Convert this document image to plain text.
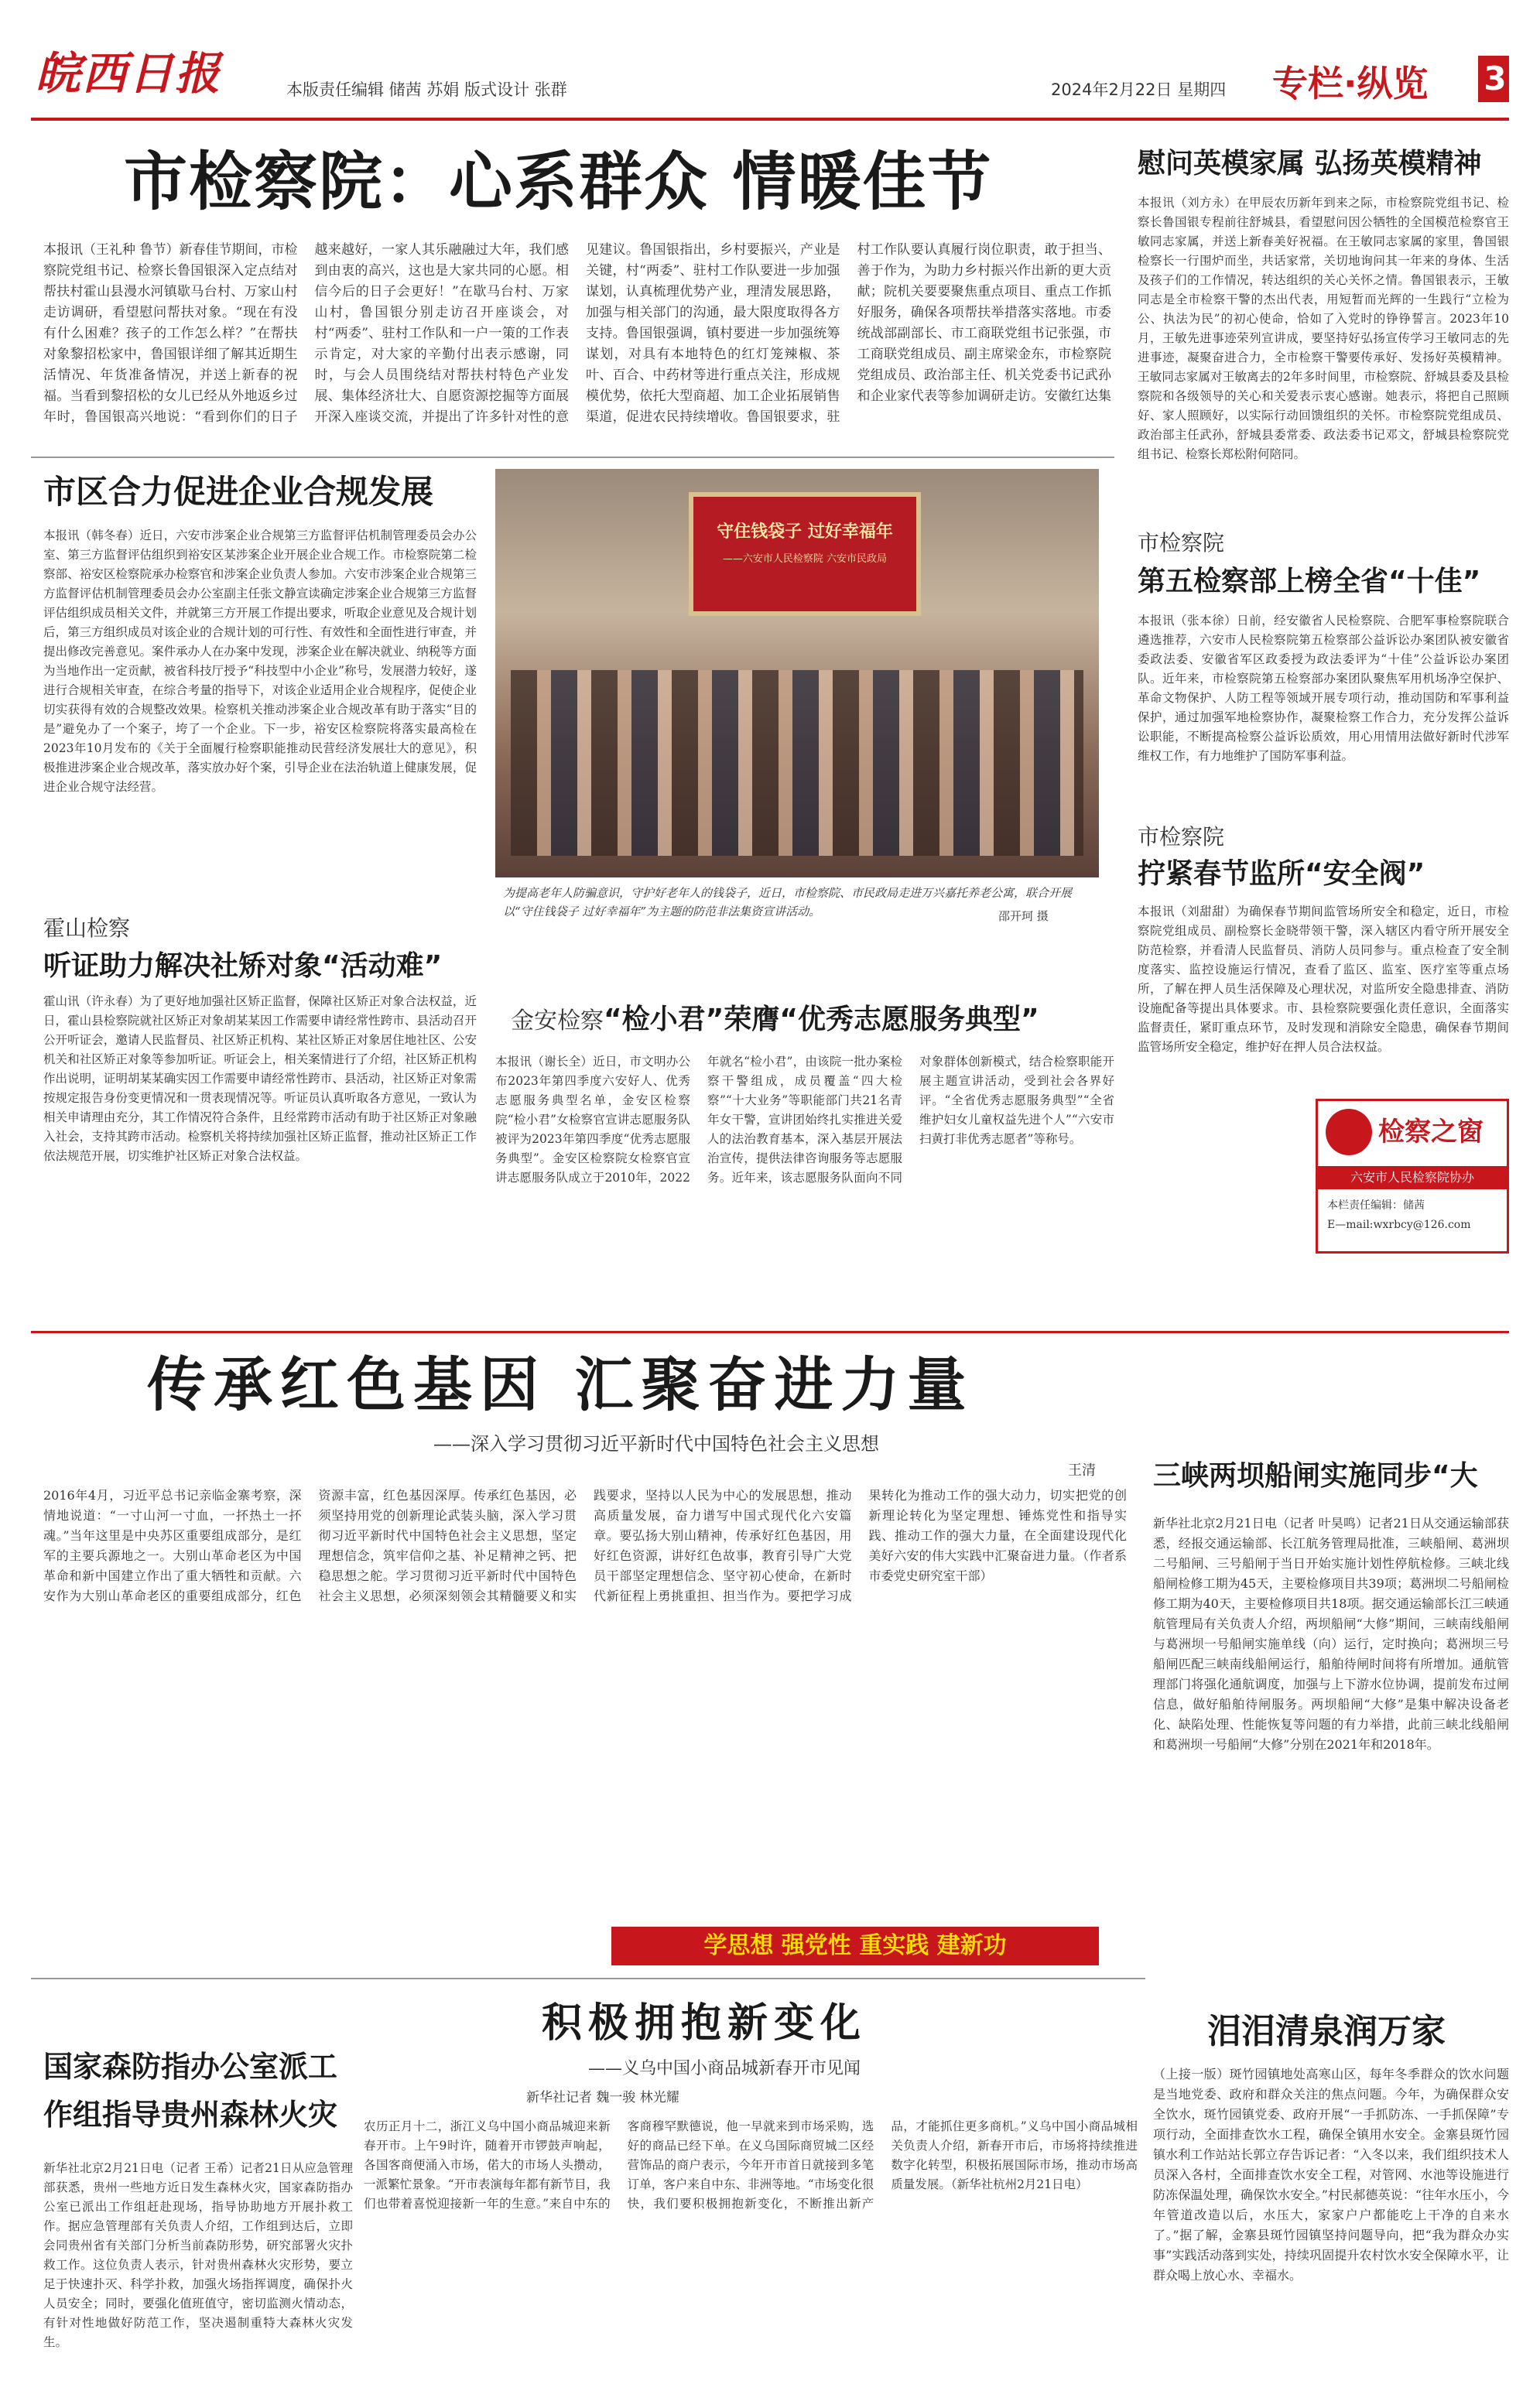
皖西日报	本版责任编辑 储茜 苏娟 版式设计 张群	2024年2月22日 星期四 专栏·纵览 3
市检察院：心系群众 情暖佳节
本报讯（王礼种 鲁节）新春佳节期间，市检察院党组书记、检察长鲁国银深入定点结对帮扶村霍山县漫水河镇歇马台村、万家山村走访调研，看望慰问帮扶对象。“现在有没有什么困难？孩子的工作怎么样？”在帮扶对象黎招松家中，鲁国银详细了解其近期生活情况、年货准备情况，并送上新春的祝福。当看到黎招松的女儿已经从外地返乡过年时，鲁国银高兴地说：“看到你们的日子越来越好，一家人其乐融融过大年，我们感到由衷的高兴，这也是大家共同的心愿。相信今后的日子会更好！”在歇马台村、万家山村，鲁国银分别走访召开座谈会，对村“两委”、驻村工作队和一户一策的工作表示肯定，对大家的辛勤付出表示感谢，同时，与会人员围绕结对帮扶村特色产业发展、集体经济壮大、自愿资源挖掘等方面展开深入座谈交流，并提出了许多针对性的意见建议。鲁国银指出，乡村要振兴，产业是关键，村“两委”、驻村工作队要进一步加强谋划，认真梳理优势产业，理清发展思路，加强与相关部门的沟通，最大限度取得各方支持。鲁国银强调，镇村要进一步加强统筹谋划，对具有本地特色的红灯笼辣椒、茶叶、百合、中药材等进行重点关注，形成规模优势，依托大型商超、加工企业拓展销售渠道，促进农民持续增收。鲁国银要求，驻村工作队要认真履行岗位职责，敢于担当、善于作为，为助力乡村振兴作出新的更大贡献；院机关要要聚焦重点项目、重点工作抓好服务，确保各项帮扶举措落实落地。市委统战部副部长、市工商联党组书记张强，市工商联党组成员、副主席梁金东，市检察院党组成员、政治部主任、机关党委书记武孙和企业家代表等参加调研走访。安徽红达集
慰问英模家属 弘扬英模精神
本报讯（刘方永）在甲辰农历新年到来之际，市检察院党组书记、检察长鲁国银专程前往舒城县，看望慰问因公牺牲的全国模范检察官王敏同志家属，并送上新春美好祝福。在王敏同志家属的家里，鲁国银检察长一行围炉而坐，共话家常，关切地询问其一年来的身体、生活及孩子们的工作情况，转达组织的关心关怀之情。鲁国银表示，王敏同志是全市检察干警的杰出代表，用短暂而光辉的一生践行“立检为公、执法为民”的初心使命，恰如了入党时的铮铮誓言。2023年10月，王敏先进事迹荣列宣讲成，要坚持好弘扬宣传学习王敏同志的先进事迹，凝聚奋进合力，全市检察干警要传承好、发扬好英模精神。王敏同志家属对王敏离去的2年多时间里，市检察院、舒城县委及县检察院和各级领导的关心和关爱表示衷心感谢。她表示，将把自己照顾好、家人照顾好，以实际行动回馈组织的关怀。市检察院党组成员、政治部主任武孙，舒城县委常委、政法委书记邓文，舒城县检察院党组书记、检察长郑松附何陪同。
市区合力促进企业合规发展
本报讯（韩冬春）近日，六安市涉案企业合规第三方监督评估机制管理委员会办公室、第三方监督评估组织到裕安区某涉案企业开展企业合规工作。市检察院第二检察部、裕安区检察院承办检察官和涉案企业负责人参加。六安市涉案企业合规第三方监督评估机制管理委员会办公室副主任张文静宣读确定涉案企业合规第三方监督评估组织成员相关文件，并就第三方开展工作提出要求，听取企业意见及合规计划后，第三方组织成员对该企业的合规计划的可行性、有效性和全面性进行审查，并提出修改完善意见。案件承办人在办案中发现，涉案企业在解决就业、纳税等方面为当地作出一定贡献，被省科技厅授予“科技型中小企业”称号，发展潜力较好，遂进行合规相关审查，在综合考量的指导下，对该企业适用企业合规程序，促使企业切实获得有效的合规整改效果。检察机关推动涉案企业合规改革有助于落实“目的是”避免办了一个案子，垮了一个企业。下一步，裕安区检察院将落实最高检在2023年10月发布的《关于全面履行检察职能推动民营经济发展壮大的意见》，积极推进涉案企业合规改革，落实放办好个案，引导企业在法治轨道上健康发展，促进企业合规守法经营。
守住钱袋子 过好幸福年
——六安市人民检察院 六安市民政局
为提高老年人防骗意识，守护好老年人的钱袋子，近日，市检察院、市民政局走进万兴嘉托养老公寓，联合开展以“守住钱袋子 过好幸福年”为主题的防范非法集资宣讲活动。	邵开珂 摄
霍山检察
听证助力解决社矫对象“活动难”
霍山讯（许永春）为了更好地加强社区矫正监督，保障社区矫正对象合法权益，近日，霍山县检察院就社区矫正对象胡某某因工作需要申请经常性跨市、县活动召开公开听证会，邀请人民监督员、社区矫正机构、某社区矫正对象居住地社区、公安机关和社区矫正对象等参加听证。听证会上，相关案情进行了介绍，社区矫正机构作出说明，证明胡某某确实因工作需要申请经常性跨市、县活动，社区矫正对象需按规定报告身份变更情况和一贯表现情况等。听证员认真听取各方意见，一致认为相关申请理由充分，其工作情况符合条件，且经常跨市活动有助于社区矫正对象融入社会，支持其跨市活动。检察机关将持续加强社区矫正监督，推动社区矫正工作依法规范开展，切实维护社区矫正对象合法权益。
市检察院
第五检察部上榜全省“十佳”
本报讯（张本徐）日前，经安徽省人民检察院、合肥军事检察院联合遴选推荐，六安市人民检察院第五检察部公益诉讼办案团队被安徽省委政法委、安徽省军区政委授为政法委评为“十佳”公益诉讼办案团队。近年来，市检察院第五检察部办案团队聚焦军用机场净空保护、革命文物保护、人防工程等领域开展专项行动，推动国防和军事利益保护，通过加强军地检察协作，凝聚检察工作合力，充分发挥公益诉讼职能，不断提高检察公益诉讼质效，用心用情用法做好新时代涉军维权工作，有力地维护了国防军事利益。
市检察院
拧紧春节监所“安全阀”
本报讯（刘甜甜）为确保春节期间监管场所安全和稳定，近日，市检察院党组成员、副检察长金晓带领干警，深入辖区内看守所开展安全防范检察，并看清人民监督员、消防人员同参与。重点检查了安全制度落实、监控设施运行情况，查看了监区、监室、医疗室等重点场所，了解在押人员生活保障及心理状况，对监所安全隐患排查、消防设施配备等提出具体要求。市、县检察院要强化责任意识，全面落实监督责任，紧盯重点环节，及时发现和消除安全隐患，确保春节期间监管场所安全稳定，维护好在押人员合法权益。
检察之窗
六安市人民检察院协办
本栏责任编辑：储茜
E—mail:wxrbcy@126.com
金安检察“检小君”荣膺“优秀志愿服务典型”
本报讯（谢长全）近日，市文明办公布2023年第四季度六安好人、优秀志愿服务典型名单，金安区检察院“检小君”女检察官宣讲志愿服务队被评为2023年第四季度“优秀志愿服务典型”。金安区检察院女检察官宣讲志愿服务队成立于2010年，2022年就名“检小君”，由该院一批办案检察干警组成，成员覆盖“四大检察”“十大业务”等职能部门共21名青年女干警，宣讲团始终扎实推进关爱人的法治教育基本，深入基层开展法治宣传，提供法律咨询服务等志愿服务。近年来，该志愿服务队面向不同对象群体创新模式，结合检察职能开展主题宣讲活动，受到社会各界好评。“全省优秀志愿服务典型”“全省维护妇女儿童权益先进个人”“六安市扫黄打非优秀志愿者”等称号。
传承红色基因 汇聚奋进力量
——深入学习贯彻习近平新时代中国特色社会主义思想
王清
2016年4月，习近平总书记亲临金寨考察，深情地说道：“一寸山河一寸血，一抔热土一抔魂。”当年这里是中央苏区重要组成部分，是红军的主要兵源地之一。大别山革命老区为中国革命和新中国建立作出了重大牺牲和贡献。六安作为大别山革命老区的重要组成部分，红色资源丰富，红色基因深厚。传承红色基因，必须坚持用党的创新理论武装头脑，深入学习贯彻习近平新时代中国特色社会主义思想，坚定理想信念，筑牢信仰之基、补足精神之钙、把稳思想之舵。学习贯彻习近平新时代中国特色社会主义思想，必须深刻领会其精髓要义和实践要求，坚持以人民为中心的发展思想，推动高质量发展，奋力谱写中国式现代化六安篇章。要弘扬大别山精神，传承好红色基因，用好红色资源，讲好红色故事，教育引导广大党员干部坚定理想信念、坚守初心使命，在新时代新征程上勇挑重担、担当作为。要把学习成果转化为推动工作的强大动力，切实把党的创新理论转化为坚定理想、锤炼党性和指导实践、推动工作的强大力量，在全面建设现代化美好六安的伟大实践中汇聚奋进力量。（作者系市委党史研究室干部）
三峡两坝船闸实施同步“大
新华社北京2月21日电（记者 叶昊鸣）记者21日从交通运输部获悉，经报交通运输部、长江航务管理局批准，三峡船闸、葛洲坝二号船闸、三号船闸于当日开始实施计划性停航检修。三峡北线船闸检修工期为45天，主要检修项目共39项；葛洲坝二号船闸检修工期为40天，主要检修项目共18项。据交通运输部长江三峡通航管理局有关负责人介绍，两坝船闸“大修”期间，三峡南线船闸与葛洲坝一号船闸实施单线（向）运行，定时换向；葛洲坝三号船闸匹配三峡南线船闸运行，船舶待闸时间将有所增加。通航管理部门将强化通航调度，加强与上下游水位协调，提前发布过闸信息，做好船舶待闸服务。两坝船闸“大修”是集中解决设备老化、缺陷处理、性能恢复等问题的有力举措，此前三峡北线船闸和葛洲坝一号船闸“大修”分别在2021年和2018年。
学思想 强党性 重实践 建新功
泪泪清泉润万家
（上接一版）斑竹园镇地处高寒山区，每年冬季群众的饮水问题是当地党委、政府和群众关注的焦点问题。今年，为确保群众安全饮水，斑竹园镇党委、政府开展“一手抓防冻、一手抓保障”专项行动，全面排查饮水工程，确保全镇用水安全。金寨县斑竹园镇水利工作站站长郭立存告诉记者：“入冬以来，我们组织技术人员深入各村，全面排查饮水安全工程，对管网、水池等设施进行防冻保温处理，确保饮水安全。”村民郝德英说：“往年水压小，今年管道改造以后，水压大，家家户户都能吃上干净的自来水了。”据了解，金寨县斑竹园镇坚持问题导向，把“我为群众办实事”实践活动落到实处，持续巩固提升农村饮水安全保障水平，让群众喝上放心水、幸福水。
国家森防指办公室派工作组指导贵州森林火灾
新华社北京2月21日电（记者 王希）记者21日从应急管理部获悉，贵州一些地方近日发生森林火灾，国家森防指办公室已派出工作组赶赴现场，指导协助地方开展扑救工作。据应急管理部有关负责人介绍，工作组到达后，立即会同贵州省有关部门分析当前森防形势，研究部署火灾扑救工作。这位负责人表示，针对贵州森林火灾形势，要立足于快速扑灭、科学扑救，加强火场指挥调度，确保扑火人员安全；同时，要强化值班值守，密切监测火情动态，有针对性地做好防范工作，坚决遏制重特大森林火灾发生。
积极拥抱新变化
——义乌中国小商品城新春开市见闻
新华社记者 魏一骏 林光耀
农历正月十二，浙江义乌中国小商品城迎来新春开市。上午9时许，随着开市锣鼓声响起，各国客商便涌入市场，偌大的市场人头攒动，一派繁忙景象。“开市表演每年都有新节目，我们也带着喜悦迎接新一年的生意。”来自中东的客商穆罕默德说，他一早就来到市场采购，选好的商品已经下单。在义乌国际商贸城二区经营饰品的商户表示，今年开市首日就接到多笔订单，客户来自中东、非洲等地。“市场变化很快，我们要积极拥抱新变化，不断推出新产品，才能抓住更多商机。”义乌中国小商品城相关负责人介绍，新春开市后，市场将持续推进数字化转型，积极拓展国际市场，推动市场高质量发展。（新华社杭州2月21日电）
